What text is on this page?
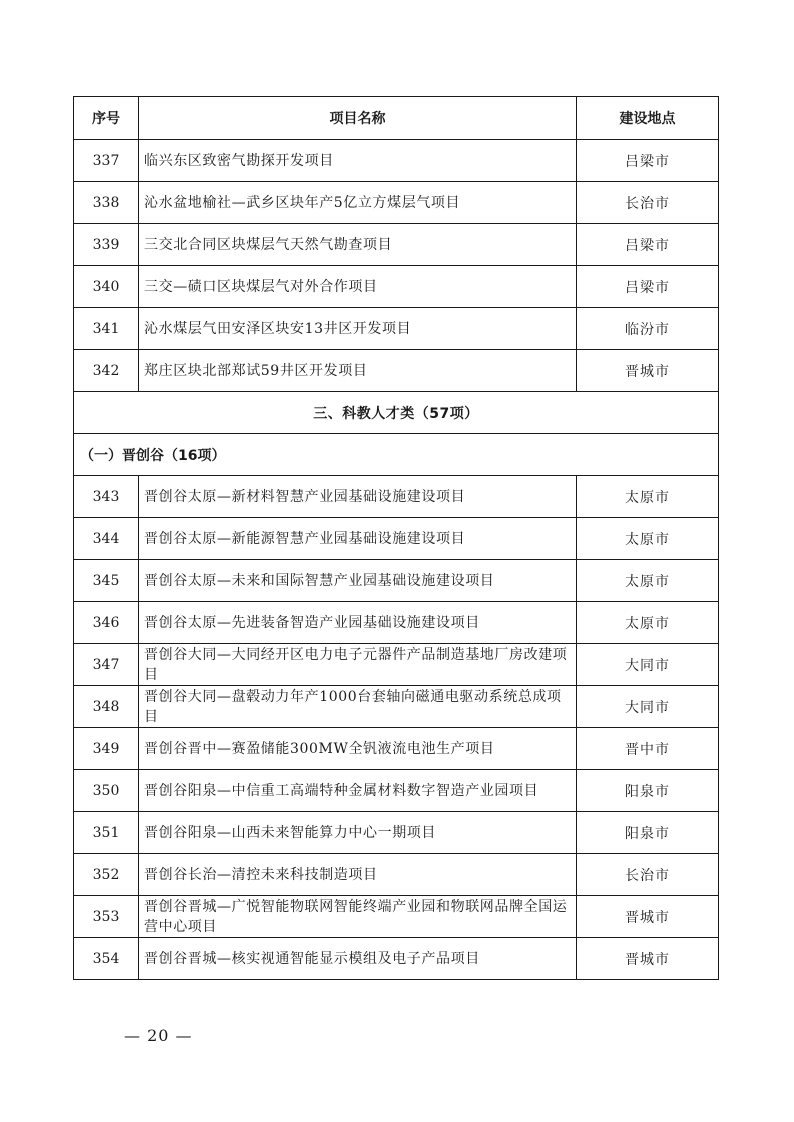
序号	项目名称	建设地点
337	临兴东区致密气勘探开发项目	吕梁市
338	沁水盆地榆社—武乡区块年产5亿立方煤层气项目	长治市
339	三交北合同区块煤层气天然气勘查项目	吕梁市
340	三交—碛口区块煤层气对外合作项目	吕梁市
341	沁水煤层气田安泽区块安13井区开发项目	临汾市
342	郑庄区块北部郑试59井区开发项目	晋城市
三、科教人才类（57项）		
（一）晋创谷（16项）		
343	晋创谷太原—新材料智慧产业园基础设施建设项目	太原市
344	晋创谷太原—新能源智慧产业园基础设施建设项目	太原市
345	晋创谷太原—未来和国际智慧产业园基础设施建设项目	太原市
346	晋创谷太原—先进装备智造产业园基础设施建设项目	太原市
347	晋创谷大同—大同经开区电力电子元器件产品制造基地厂房改建项目	大同市
348	晋创谷大同—盘毂动力年产1000台套轴向磁通电驱动系统总成项目	大同市
349	晋创谷晋中—赛盈储能300MW全钒液流电池生产项目	晋中市
350	晋创谷阳泉—中信重工高端特种金属材料数字智造产业园项目	阳泉市
351	晋创谷阳泉—山西未来智能算力中心一期项目	阳泉市
352	晋创谷长治—清控未来科技制造项目	长治市
353	晋创谷晋城—广悦智能物联网智能终端产业园和物联网品牌全国运营中心项目	晋城市
354	晋创谷晋城—核实视通智能显示模组及电子产品项目	晋城市
— 20 —
